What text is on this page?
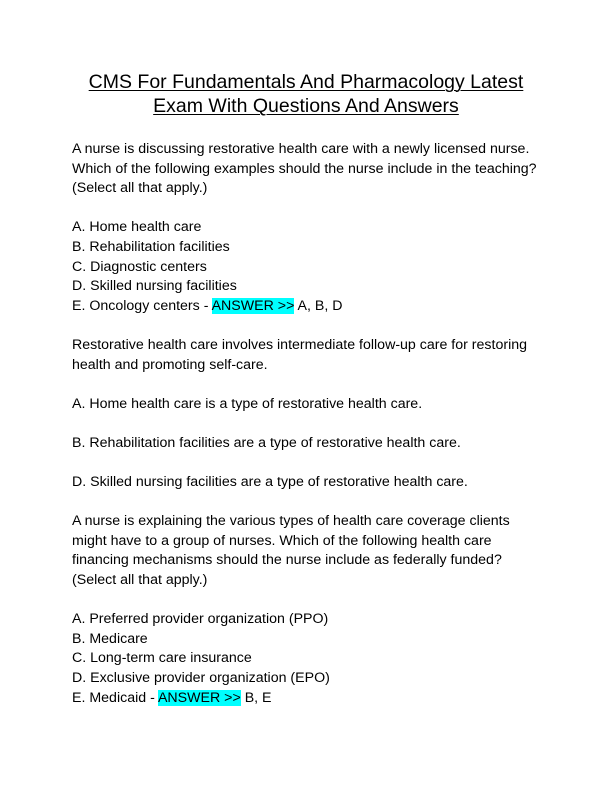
CMS For Fundamentals And Pharmacology Latest
Exam With Questions And Answers

A nurse is discussing restorative health care with a newly licensed nurse. Which of the following examples should the nurse include in the teaching? (Select all that apply.)

A. Home health care

B. Rehabilitation facilities

C. Diagnostic centers

D. Skilled nursing facilities

E. Oncology centers - ANSWER >> A, B, D

Restorative health care involves intermediate follow-up care for restoring health and promoting self-care.

A. Home health care is a type of restorative health care.

B. Rehabilitation facilities are a type of restorative health care.

D. Skilled nursing facilities are a type of restorative health care.

A nurse is explaining the various types of health care coverage clients might have to a group of nurses. Which of the following health care financing mechanisms should the nurse include as federally funded? (Select all that apply.)

A. Preferred provider organization (PPO)

B. Medicare

C. Long-term care insurance

D. Exclusive provider organization (EPO)

E. Medicaid - ANSWER >> B, E
